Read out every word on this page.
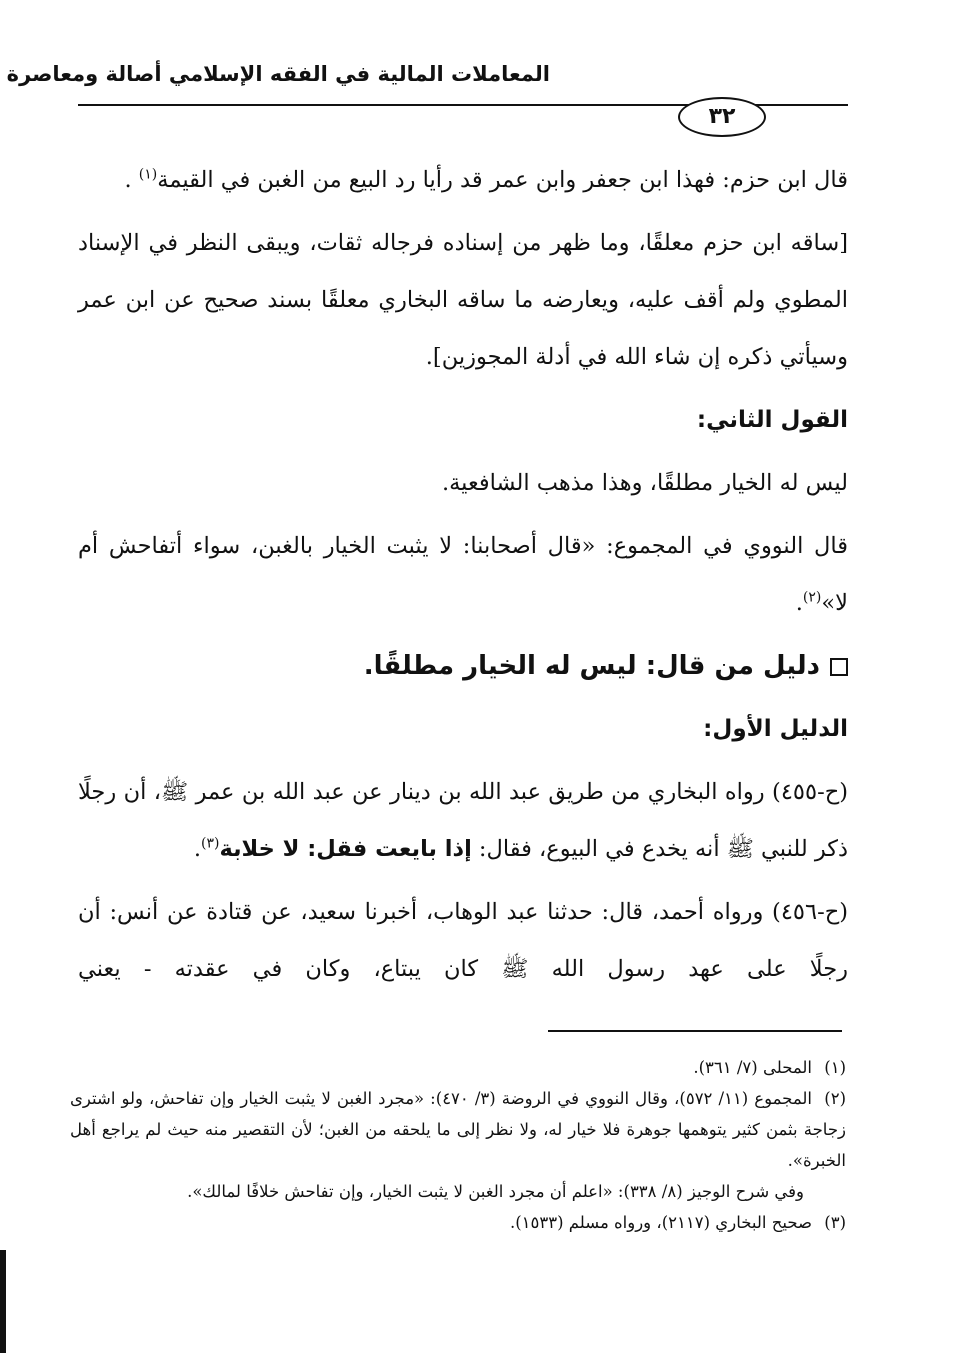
المعاملات المالية في الفقه الإسلامي أصالة ومعاصرة
٣٢

قال ابن حزم: فهذا ابن جعفر وابن عمر قد رأيا رد البيع من الغبن في القيمة$^{(١)}$ .

[ساقه ابن حزم معلقًا، وما ظهر من إسناده فرجاله ثقات، ويبقى النظر في الإسناد المطوي ولم أقف عليه، ويعارضه ما ساقه البخاري معلقًا بسند صحيح عن ابن عمر وسيأتي ذكره إن شاء الله في أدلة المجوزين].

القول الثاني:

ليس له الخيار مطلقًا، وهذا مذهب الشافعية.

قال النووي في المجموع: «قال أصحابنا: لا يثبت الخيار بالغبن، سواء أتفاحش أم لا»$^{(٢)}$.

دليل من قال: ليس له الخيار مطلقًا.

الدليل الأول:

(ح-٤٥٥) رواه البخاري من طريق عبد الله بن دينار عن عبد الله بن عمر ﷺ، أن رجلًا ذكر للنبي ﷺ أنه يخدع في البيوع، فقال: إذا بايعت فقل: لا خلابة$^{(٣)}$.

(ح-٤٥٦) ورواه أحمد، قال: حدثنا عبد الوهاب، أخبرنا سعيد، عن قتادة عن أنس: أن رجلًا على عهد رسول الله ﷺ كان يبتاع، وكان في عقدته - يعني

(١)المحلى (٧/ ٣٦١).

(٢)المجموع (١١/ ٥٧٢)، وقال النووي في الروضة (٣/ ٤٧٠): «مجرد الغبن لا يثبت الخيار وإن تفاحش، ولو اشترى زجاجة بثمن كثير يتوهمها جوهرة فلا خيار له، ولا نظر إلى ما يلحقه من الغبن؛ لأن التقصير منه حيث لم يراجع أهل الخبرة».

وفي شرح الوجيز (٨/ ٣٣٨): «اعلم أن مجرد الغبن لا يثبت الخيار، وإن تفاحش خلافًا لمالك».

(٣)صحيح البخاري (٢١١٧)، ورواه مسلم (١٥٣٣).
